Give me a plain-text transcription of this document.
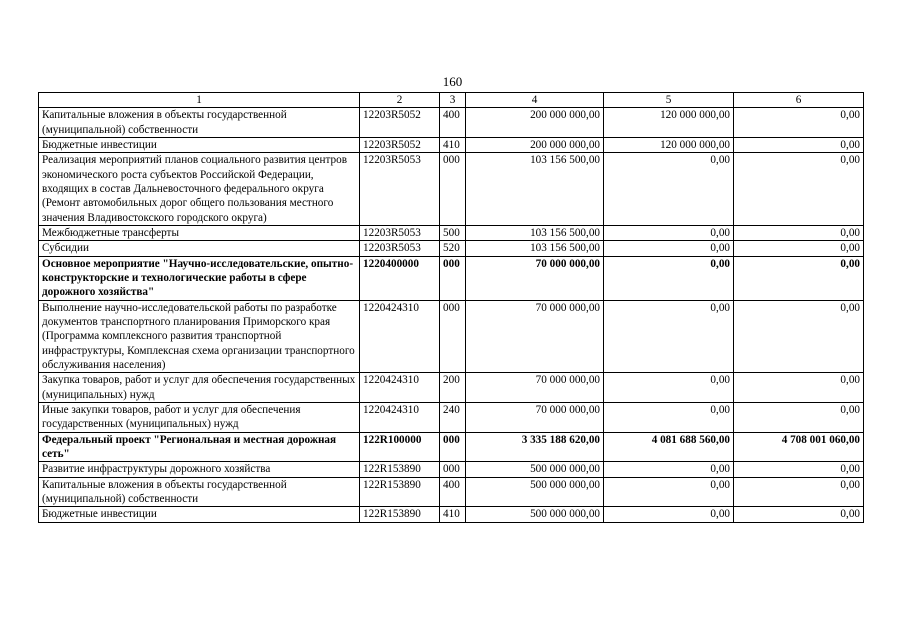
160
1	2	3	4	5	6
Капитальные вложения в объекты государственной (муниципальной) собственности	12203R5052	400	200 000 000,00	120 000 000,00	0,00
Бюджетные инвестиции	12203R5052	410	200 000 000,00	120 000 000,00	0,00
Реализация мероприятий планов социального развития центров экономического роста субъектов Российской Федерации, входящих в состав Дальневосточного федерального округа (Ремонт автомобильных дорог общего пользования местного значения Владивостокского городского округа)	12203R5053	000	103 156 500,00	0,00	0,00
Межбюджетные трансферты	12203R5053	500	103 156 500,00	0,00	0,00
Субсидии	12203R5053	520	103 156 500,00	0,00	0,00
Основное мероприятие "Научно-исследовательские, опытно-конструкторские и технологические работы в сфере дорожного хозяйства"	1220400000	000	70 000 000,00	0,00	0,00
Выполнение научно-исследовательской работы по разработке документов транспортного планирования Приморского края (Программа комплексного развития транспортной инфраструктуры, Комплексная схема организации транспортного обслуживания населения)	1220424310	000	70 000 000,00	0,00	0,00
Закупка товаров, работ и услуг для обеспечения государственных (муниципальных) нужд	1220424310	200	70 000 000,00	0,00	0,00
Иные закупки товаров, работ и услуг для обеспечения государственных (муниципальных) нужд	1220424310	240	70 000 000,00	0,00	0,00
Федеральный проект "Региональная и местная дорожная сеть"	122R100000	000	3 335 188 620,00	4 081 688 560,00	4 708 001 060,00
Развитие инфраструктуры дорожного хозяйства	122R153890	000	500 000 000,00	0,00	0,00
Капитальные вложения в объекты государственной (муниципальной) собственности	122R153890	400	500 000 000,00	0,00	0,00
Бюджетные инвестиции	122R153890	410	500 000 000,00	0,00	0,00
